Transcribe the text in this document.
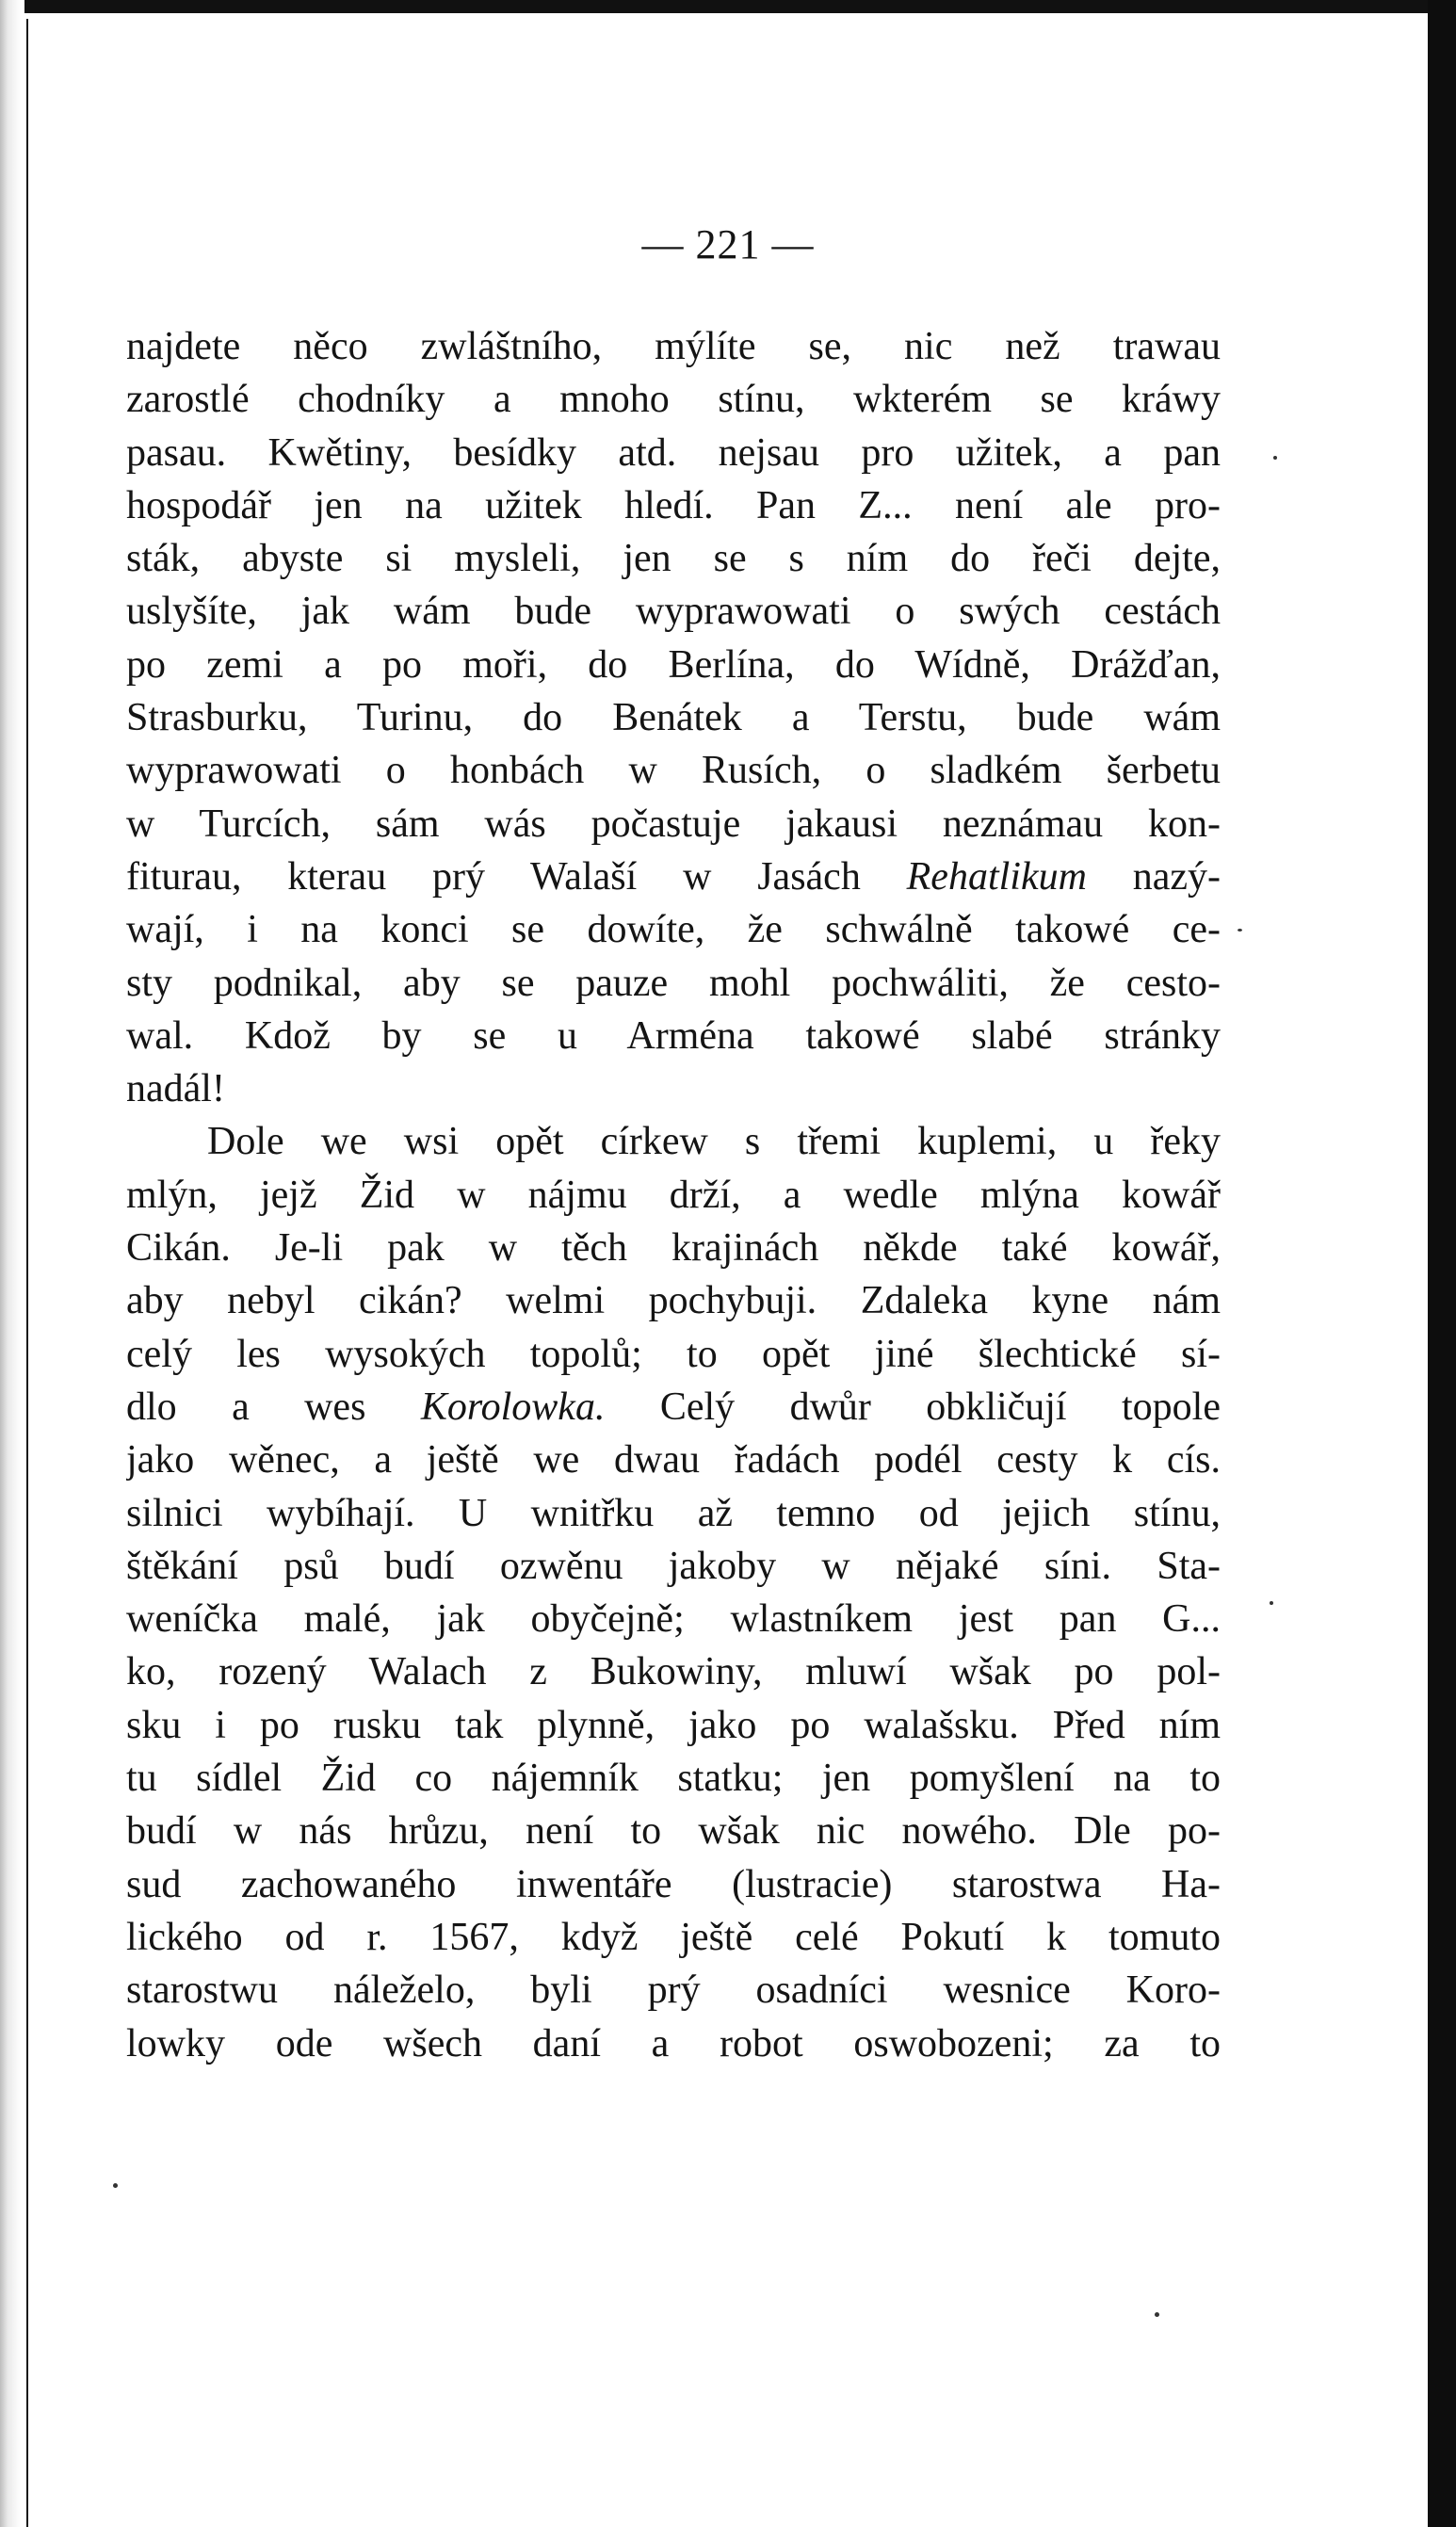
— 221 —
najdete něco zwláštního, mýlíte se, nic než trawau
zarostlé chodníky a mnoho stínu, wkterém se kráwy
pasau. Kwětiny, besídky atd. nejsau pro užitek, a pan
hospodář jen na užitek hledí. Pan Z... není ale pro-
sták, abyste si mysleli, jen se s ním do řeči dejte,
uslyšíte, jak wám bude wyprawowati o swých cestách
po zemi a po moři, do Berlína, do Wídně, Drážďan,
Strasburku, Turinu, do Benátek a Terstu, bude wám
wyprawowati o honbách w Rusích, o sladkém šerbetu
w Turcích, sám wás počastuje jakausi neznámau kon-
fiturau, kterau prý Walaší w Jasách Rehatlikum nazý-
wají, i na konci se dowíte, že schwálně takowé ce-
sty podnikal, aby se pauze mohl pochwáliti, že cesto-
wal. Kdož by se u Arména takowé slabé stránky
nadál!
Dole we wsi opět církew s třemi kuplemi, u řeky
mlýn, jejž Žid w nájmu drží, a wedle mlýna kowář
Cikán. Je-li pak w těch krajinách někde také kowář,
aby nebyl cikán? welmi pochybuji. Zdaleka kyne nám
celý les wysokých topolů; to opět jiné šlechtické sí-
dlo a wes Korolowka. Celý dwůr obkličují topole
jako wěnec, a ještě we dwau řadách podél cesty k cís.
silnici wybíhají. U wnitřku až temno od jejich stínu,
štěkání psů budí ozwěnu jakoby w nějaké síni. Sta-
weníčka malé, jak obyčejně; wlastníkem jest pan G...
ko, rozený Walach z Bukowiny, mluwí wšak po pol-
sku i po rusku tak plynně, jako po walašsku. Před ním
tu sídlel Žid co nájemník statku; jen pomyšlení na to
budí w nás hrůzu, není to wšak nic nowého. Dle po-
sud zachowaného inwentáře (lustracie) starostwa Ha-
lického od r. 1567, když ještě celé Pokutí k tomuto
starostwu náleželo, byli prý osadníci wesnice Koro-
lowky ode wšech daní a robot oswobozeni; za to
